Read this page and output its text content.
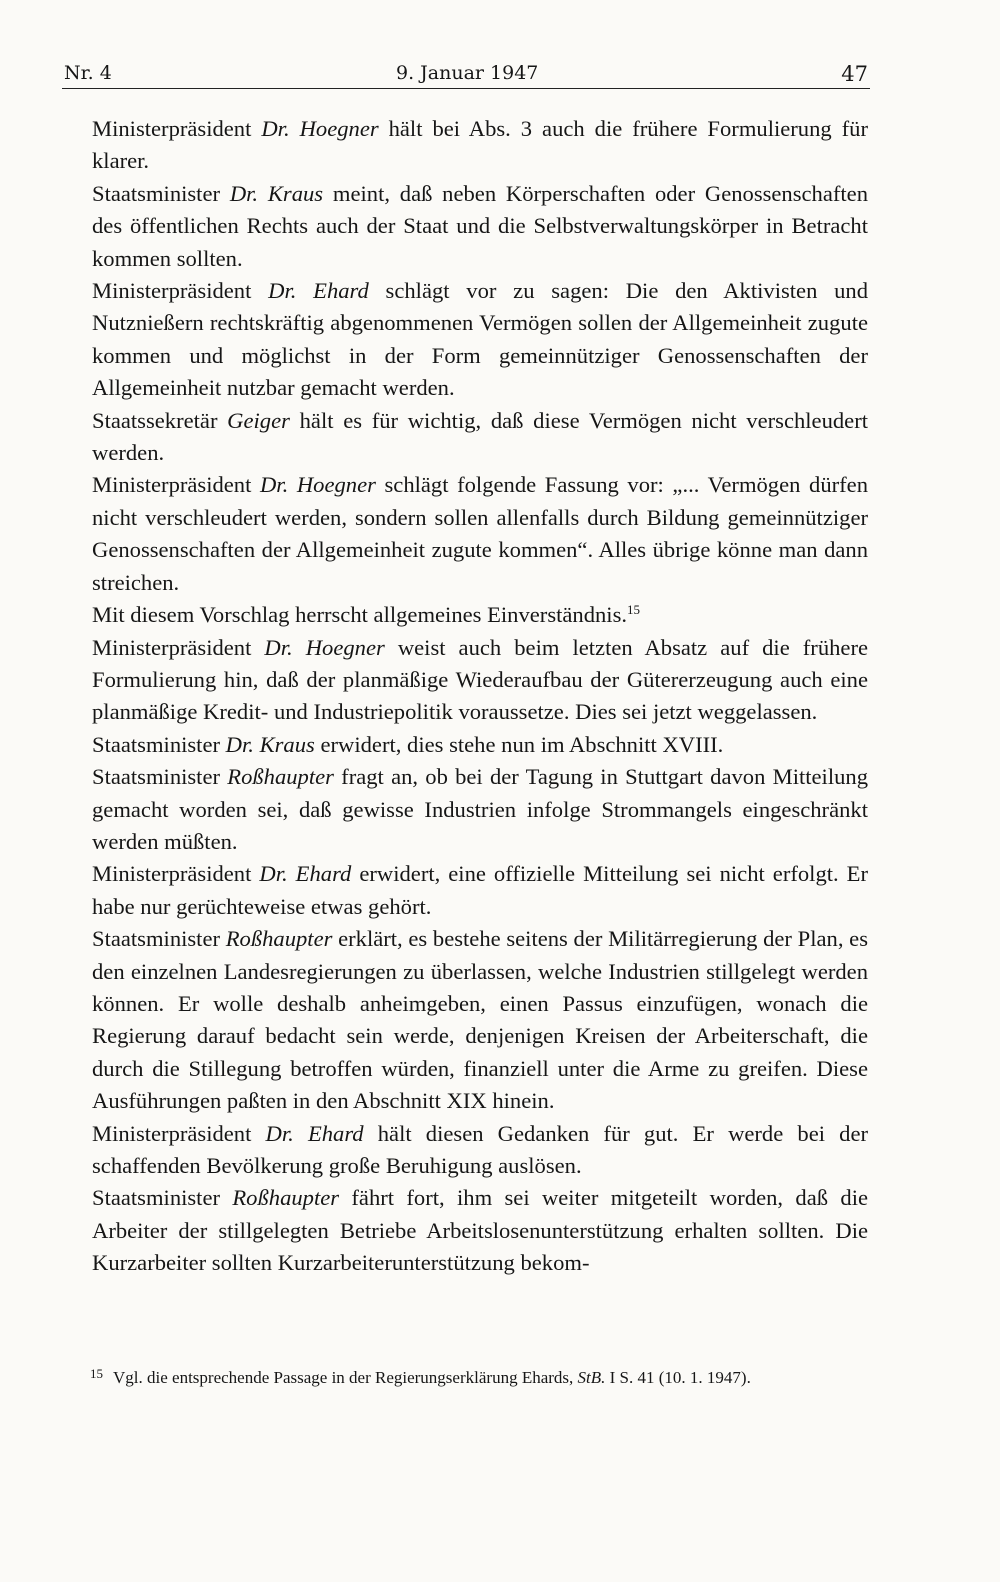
Nr. 4	9. Januar 1947	47

Ministerpräsident Dr. Hoegner hält bei Abs. 3 auch die frühere Formulierung für klarer.

Staatsminister Dr. Kraus meint, daß neben Körperschaften oder Genossenschaften des öffentlichen Rechts auch der Staat und die Selbstverwaltungskörper in Betracht kommen sollten.

Ministerpräsident Dr. Ehard schlägt vor zu sagen: Die den Aktivisten und Nutznießern rechtskräftig abgenommenen Vermögen sollen der Allgemeinheit zugute kommen und möglichst in der Form gemeinnütziger Genossenschaften der Allgemeinheit nutzbar gemacht werden.

Staatssekretär Geiger hält es für wichtig, daß diese Vermögen nicht verschleudert werden.

Ministerpräsident Dr. Hoegner schlägt folgende Fassung vor: „... Vermögen dürfen nicht verschleudert werden, sondern sollen allenfalls durch Bildung gemeinnütziger Genossenschaften der Allgemeinheit zugute kommen“. Alles übrige könne man dann streichen.

Mit diesem Vorschlag herrscht allgemeines Einverständnis.$^{15}$

Ministerpräsident Dr. Hoegner weist auch beim letzten Absatz auf die frühere Formulierung hin, daß der planmäßige Wiederaufbau der Gütererzeugung auch eine planmäßige Kredit- und Industriepolitik voraussetze. Dies sei jetzt weggelassen.

Staatsminister Dr. Kraus erwidert, dies stehe nun im Abschnitt XVIII.

Staatsminister Roßhaupter fragt an, ob bei der Tagung in Stuttgart davon Mitteilung gemacht worden sei, daß gewisse Industrien infolge Strommangels eingeschränkt werden müßten.

Ministerpräsident Dr. Ehard erwidert, eine offizielle Mitteilung sei nicht erfolgt. Er habe nur gerüchteweise etwas gehört.

Staatsminister Roßhaupter erklärt, es bestehe seitens der Militärregierung der Plan, es den einzelnen Landesregierungen zu überlassen, welche Industrien stillgelegt werden können. Er wolle deshalb anheimgeben, einen Passus einzufügen, wonach die Regierung darauf bedacht sein werde, denjenigen Kreisen der Arbeiterschaft, die durch die Stillegung betroffen würden, finanziell unter die Arme zu greifen. Diese Ausführungen paßten in den Abschnitt XIX hinein.

Ministerpräsident Dr. Ehard hält diesen Gedanken für gut. Er werde bei der schaffenden Bevölkerung große Beruhigung auslösen.

Staatsminister Roßhaupter fährt fort, ihm sei weiter mitgeteilt worden, daß die Arbeiter der stillgelegten Betriebe Arbeitslosenunterstützung erhalten sollten. Die Kurzarbeiter sollten Kurzarbeiterunterstützung bekom-

$^{15}$ Vgl. die entsprechende Passage in der Regierungserklärung Ehards, StB. I S. 41 (10. 1. 1947).
